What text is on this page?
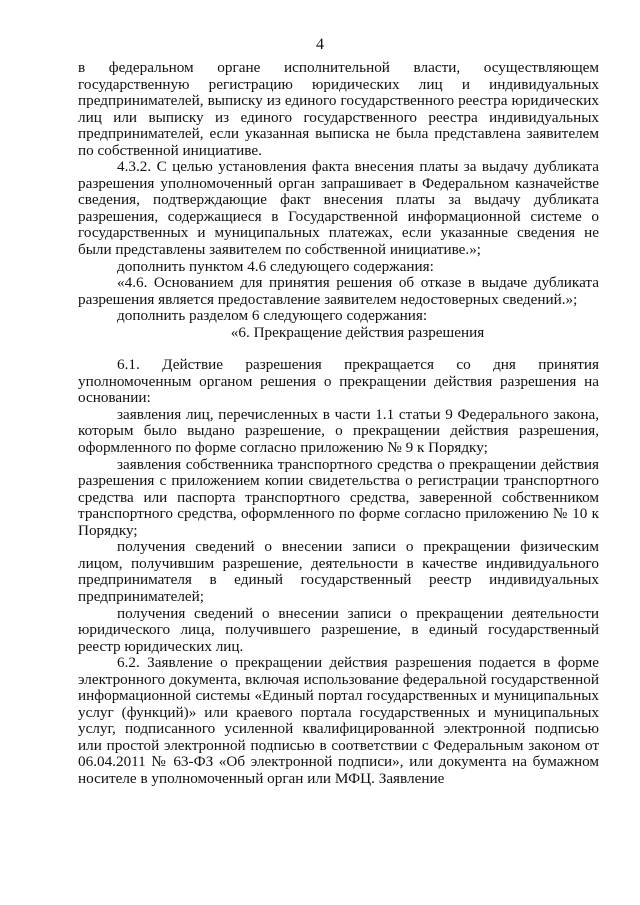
4

в федеральном органе исполнительной власти, осуществляющем государственную регистрацию юридических лиц и индивидуальных предпринимателей, выписку из единого государственного реестра юридических лиц или выписку из единого государственного реестра индивидуальных предпринимателей, если указанная выписка не была представлена заявителем по собственной инициативе.

4.3.2. С целью установления факта внесения платы за выдачу дубликата разрешения уполномоченный орган запрашивает в Федеральном казначействе сведения, подтверждающие факт внесения платы за выдачу дубликата разрешения, содержащиеся в Государственной информационной системе о государственных и муниципальных платежах, если указанные сведения не были представлены заявителем по собственной инициативе.»;

дополнить пунктом 4.6 следующего содержания:

«4.6. Основанием для принятия решения об отказе в выдаче дубликата разрешения является предоставление заявителем недостоверных сведений.»;

дополнить разделом 6 следующего содержания:

«6. Прекращение действия разрешения

6.1. Действие разрешения прекращается со дня принятия уполномоченным органом решения о прекращении действия разрешения на основании:

заявления лиц, перечисленных в части 1.1 статьи 9 Федерального закона, которым было выдано разрешение, о прекращении действия разрешения, оформленного по форме согласно приложению № 9 к Порядку;

заявления собственника транспортного средства о прекращении действия разрешения с приложением копии свидетельства о регистрации транспортного средства или паспорта транспортного средства, заверенной собственником транспортного средства, оформленного по форме согласно приложению № 10 к Порядку;

получения сведений о внесении записи о прекращении физическим лицом, получившим разрешение, деятельности в качестве индивидуального предпринимателя в единый государственный реестр индивидуальных предпринимателей;

получения сведений о внесении записи о прекращении деятельности юридического лица, получившего разрешение, в единый государственный реестр юридических лиц.

6.2. Заявление о прекращении действия разрешения подается в форме электронного документа, включая использование федеральной государственной информационной системы «Единый портал государственных и муниципальных услуг (функций)» или краевого портала государственных и муниципальных услуг, подписанного усиленной квалифицированной электронной подписью или простой электронной подписью в соответствии с Федеральным законом от 06.04.2011 № 63-ФЗ «Об электронной подписи», или документа на бумажном носителе в уполномоченный орган или МФЦ. Заявление
